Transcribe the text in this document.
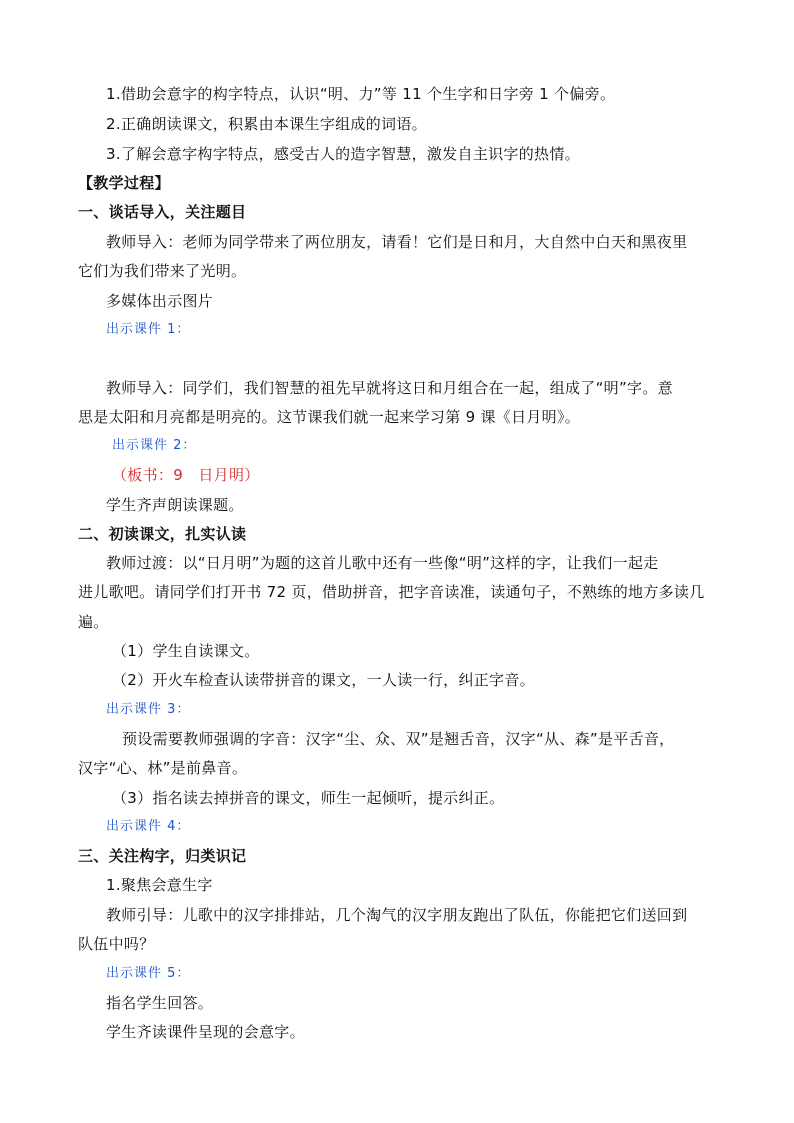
1.借助会意字的构字特点，认识“明、力”等 11 个生字和日字旁 1 个偏旁。
2.正确朗读课文，积累由本课生字组成的词语。
3.了解会意字构字特点，感受古人的造字智慧，激发自主识字的热情。
【教学过程】
一、谈话导入，关注题目
教师导入：老师为同学带来了两位朋友，请看！它们是日和月，大自然中白天和黑夜里
它们为我们带来了光明。
多媒体出示图片
出示课件 1：
教师导入：同学们，我们智慧的祖先早就将这日和月组合在一起，组成了“明”字。意
思是太阳和月亮都是明亮的。这节课我们就一起来学习第 9 课《日月明》。
出示课件 2：
（板书：9　日月明）
学生齐声朗读课题。
二、初读课文，扎实认读
教师过渡：以“日月明”为题的这首儿歌中还有一些像“明”这样的字，让我们一起走
进儿歌吧。请同学们打开书 72 页，借助拼音，把字音读准，读通句子，不熟练的地方多读几
遍。
（1）学生自读课文。
（2）开火车检查认读带拼音的课文，一人读一行，纠正字音。
出示课件 3：
预设需要教师强调的字音：汉字“尘、众、双”是翘舌音，汉字“从、森”是平舌音，
汉字“心、林”是前鼻音。
（3）指名读去掉拼音的课文，师生一起倾听，提示纠正。
出示课件 4：
三、关注构字，归类识记
1.聚焦会意生字
教师引导：儿歌中的汉字排排站，几个淘气的汉字朋友跑出了队伍，你能把它们送回到
队伍中吗？
出示课件 5：
指名学生回答。
学生齐读课件呈现的会意字。
